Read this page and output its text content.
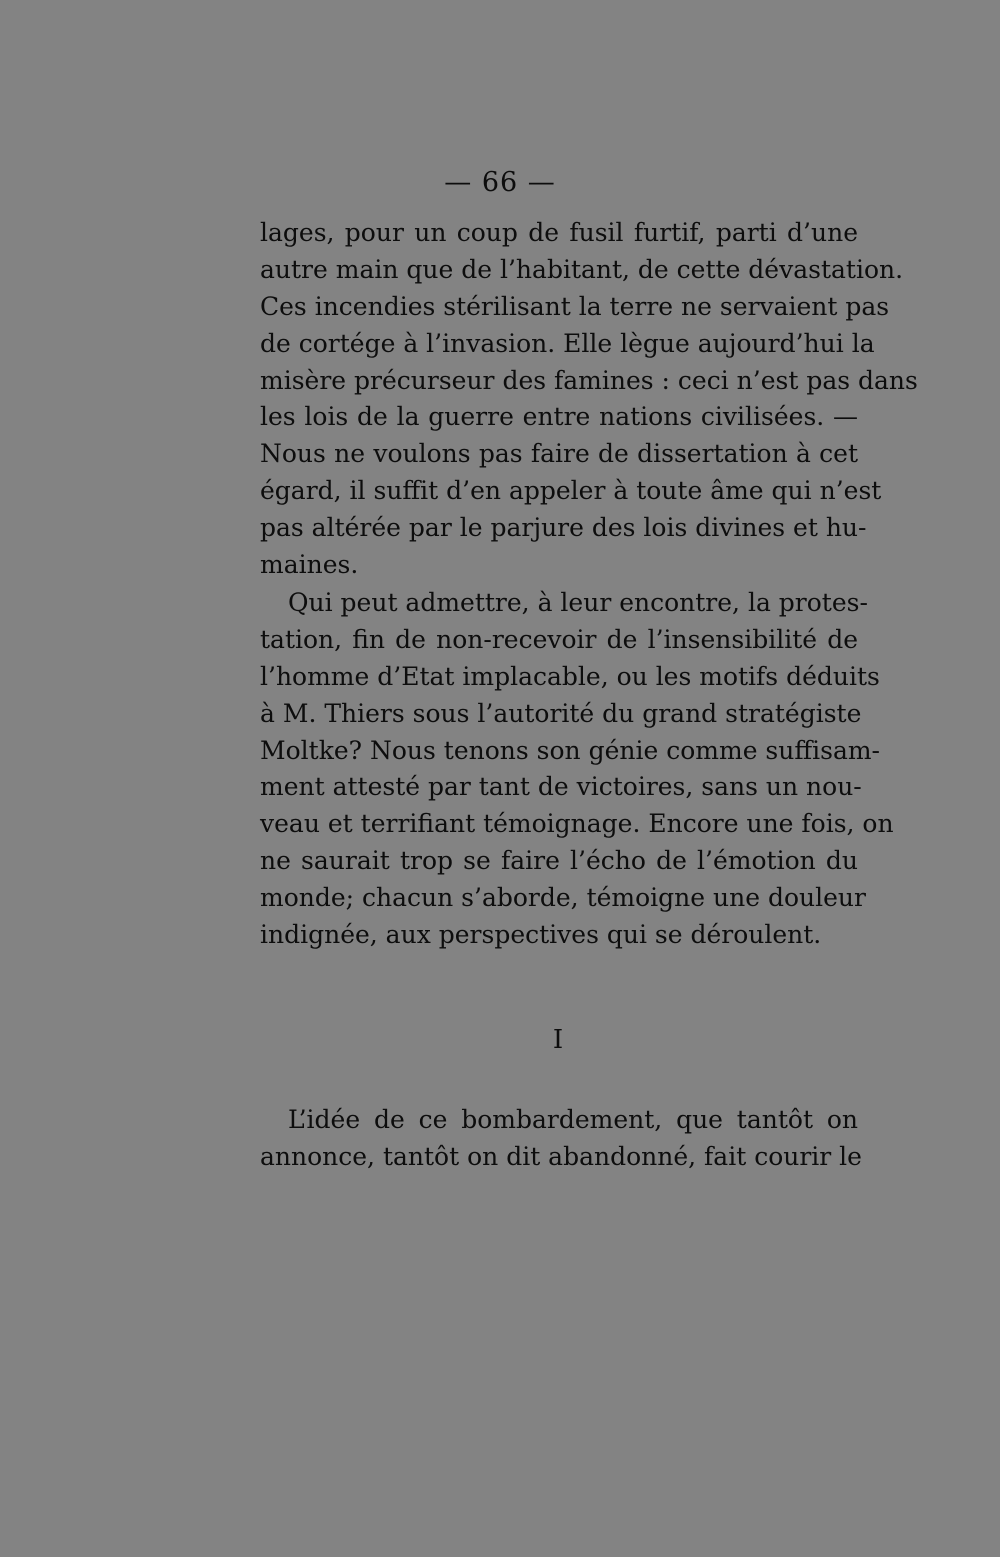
— 66 —
lages, pour un coup de fusil furtif, parti d’une
autre main que de l’habitant, de cette dévastation.
Ces incendies stérilisant la terre ne servaient pas
de cortége à l’invasion. Elle lègue aujourd’hui la
misère précurseur des famines : ceci n’est pas dans
les lois de la guerre entre nations civilisées. —
Nous ne voulons pas faire de dissertation à cet
égard, il suffit d’en appeler à toute âme qui n’est
pas altérée par le parjure des lois divines et hu-
maines.
Qui peut admettre, à leur encontre, la protes-
tation, fin de non-recevoir de l’insensibilité de
l’homme d’Etat implacable, ou les motifs déduits
à M. Thiers sous l’autorité du grand stratégiste
Moltke? Nous tenons son génie comme suffisam-
ment attesté par tant de victoires, sans un nou-
veau et terrifiant témoignage. Encore une fois, on
ne saurait trop se faire l’écho de l’émotion du
monde; chacun s’aborde, témoigne une douleur
indignée, aux perspectives qui se déroulent.
I
L’idée de ce bombardement, que tantôt on
annonce, tantôt on dit abandonné, fait courir le
